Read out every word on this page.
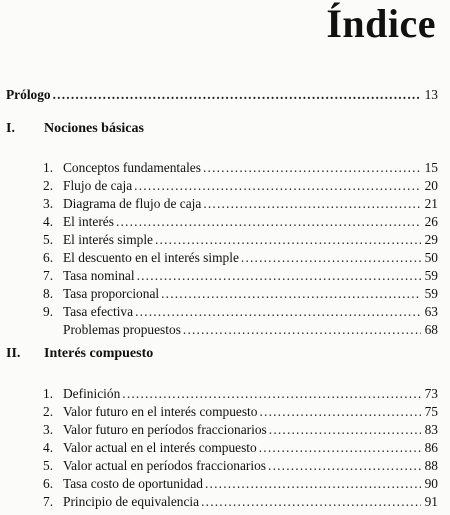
Índice
Prólogo .....	13
I. Nociones básicas
1. Conceptos fundamentales .....	15
2. Flujo de caja .....	20
3. Diagrama de flujo de caja .....	21
4. El interés .....	26
5. El interés simple .....	29
6. El descuento en el interés simple .....	50
7. Tasa nominal .....	59
8. Tasa proporcional .....	59
9. Tasa efectiva .....	63
Problemas propuestos .....	68
II. Interés compuesto
1. Definición .....	73
2. Valor futuro en el interés compuesto .....	75
3. Valor futuro en períodos fraccionarios .....	83
4. Valor actual en el interés compuesto .....	86
5. Valor actual en períodos fraccionarios .....	88
6. Tasa costo de oportunidad .....	90
7. Principio de equivalencia .....	91
